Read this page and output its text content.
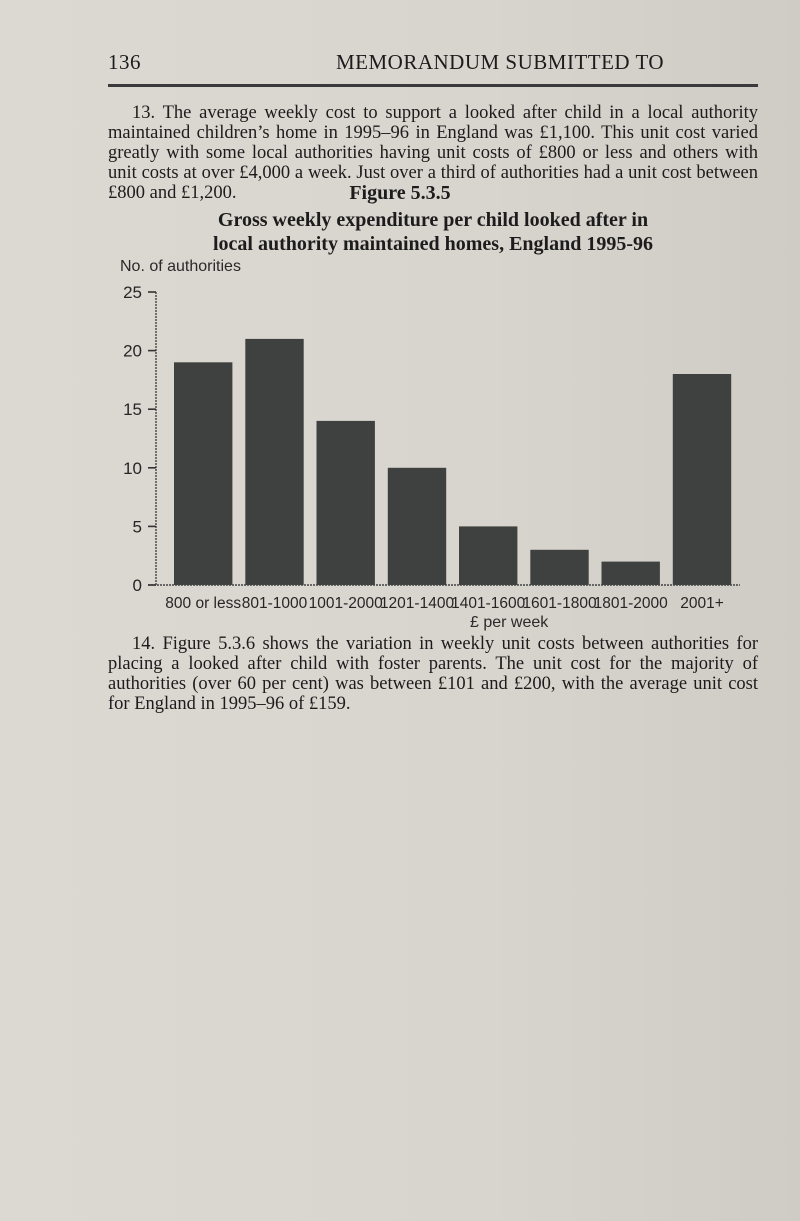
136	MEMORANDUM SUBMITTED TO
13. The average weekly cost to support a looked after child in a local authority maintained children’s home in 1995–96 in England was £1,100. This unit cost varied greatly with some local authorities having unit costs of £800 or less and others with unit costs at over £4,000 a week. Just over a third of authorities had a unit cost between £800 and £1,200.	Figure 5.3.5
Gross weekly expenditure per child looked after in
local authority maintained homes, England 1995-96
No. of authorities
800 or less 801-1000 1001-2000
1201-1400
1401-1600
1601-1800
1801-2000 2001+
0
5
10
15
20
25
£ per week
14. Figure 5.3.6 shows the variation in weekly unit costs between authorities for placing a looked after child with foster parents. The unit cost for the majority of authorities (over 60 per cent) was between £101 and £200, with the average unit cost for England in 1995–96 of £159.
